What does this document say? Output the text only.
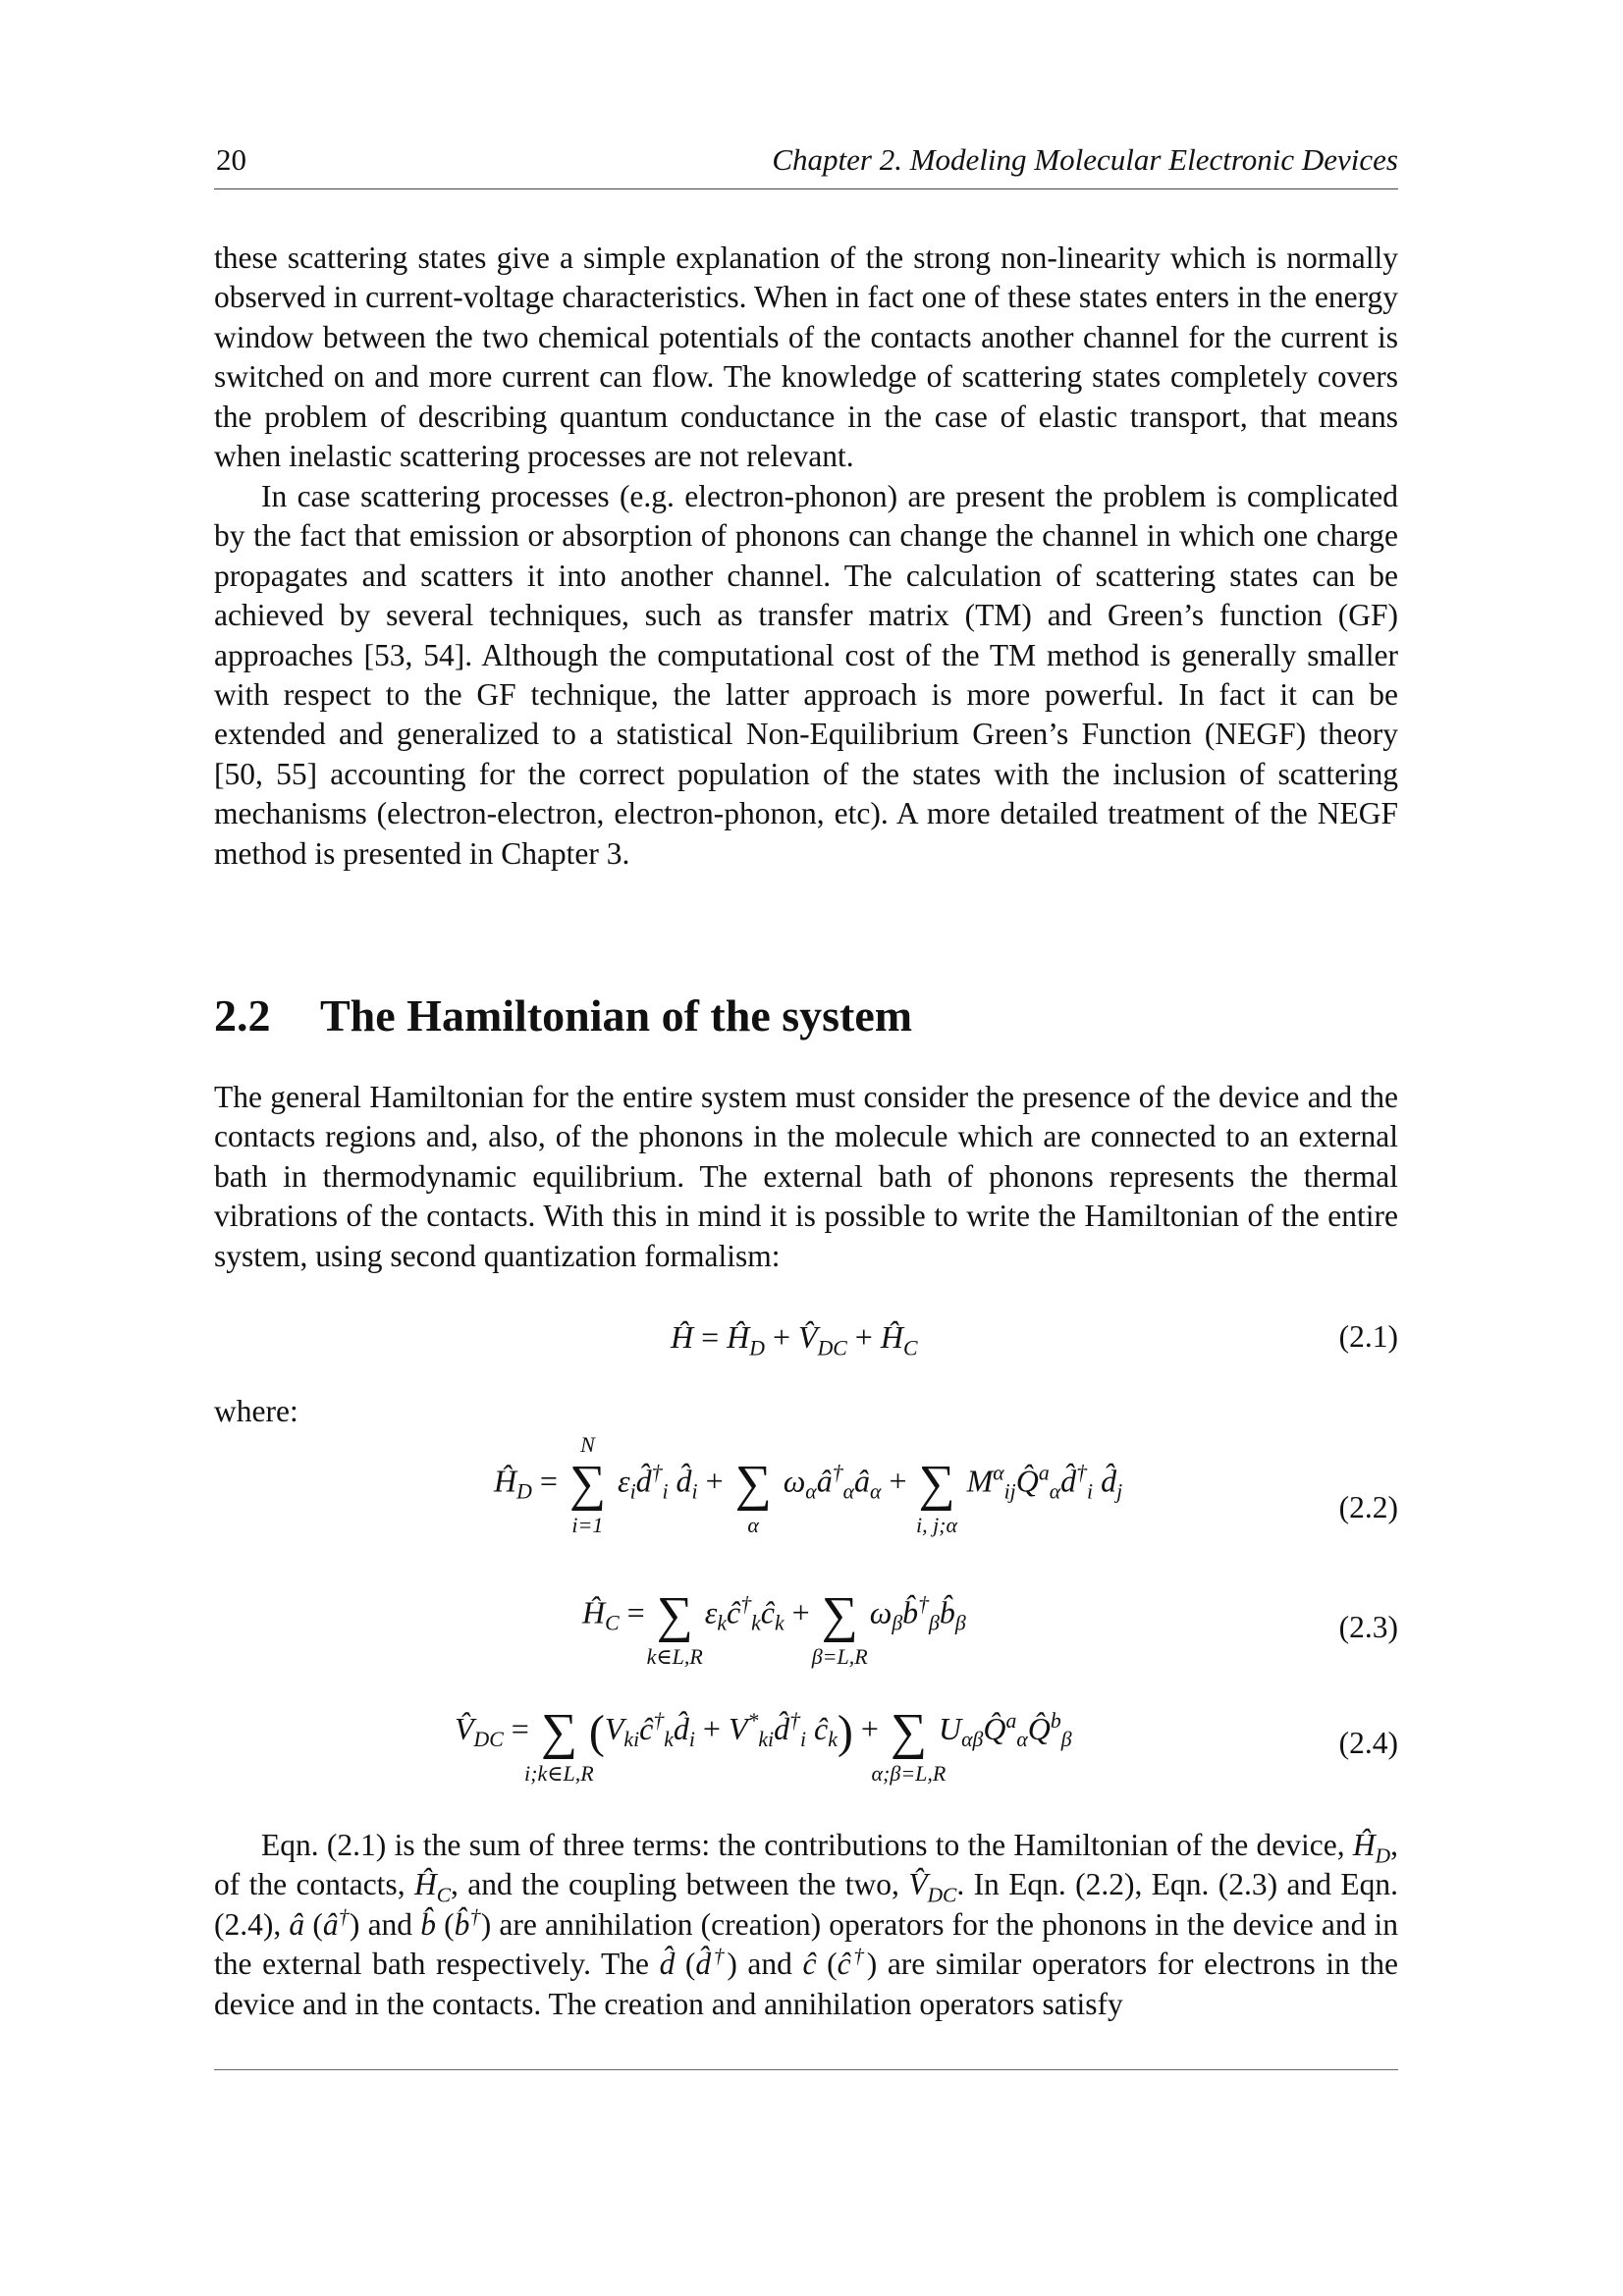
20	Chapter 2. Modeling Molecular Electronic Devices

these scattering states give a simple explanation of the strong non-linearity which is normally observed in current-voltage characteristics. When in fact one of these states enters in the energy window between the two chemical potentials of the contacts another channel for the current is switched on and more current can flow. The knowledge of scattering states completely covers the problem of describing quantum conductance in the case of elastic transport, that means when inelastic scattering processes are not relevant.

In case scattering processes (e.g. electron-phonon) are present the problem is complicated by the fact that emission or absorption of phonons can change the channel in which one charge propagates and scatters it into another channel. The calculation of scattering states can be achieved by several techniques, such as transfer matrix (TM) and Green’s function (GF) approaches [53, 54]. Although the computational cost of the TM method is generally smaller with respect to the GF technique, the latter approach is more powerful. In fact it can be extended and generalized to a statistical Non-Equilibrium Green’s Function (NEGF) theory [50, 55] accounting for the correct population of the states with the inclusion of scattering mechanisms (electron-electron, electron-phonon, etc). A more detailed treatment of the NEGF method is presented in Chapter 3.

2.2 The Hamiltonian of the system

The general Hamiltonian for the entire system must consider the presence of the device and the contacts regions and, also, of the phonons in the molecule which are connected to an external bath in thermodynamic equilibrium. The external bath of phonons represents the thermal vibrations of the contacts. With this in mind it is possible to write the Hamiltonian of the entire system, using second quantization formalism:

Ĥ = $Ĥ_D$ + $V̂_{DC}$ + $Ĥ_C$	(2.1)

where:

$Ĥ_D$ =
N
∑
i=1
$\varepsilon_id̂^\dagger_i$ $d̂_i$ + ∑
α
$\omega_\alpha â^\dagger_\alpha â_\alpha$ + ∑
i, j;α
$M^\alpha_{ij}Q̂^a_\alpha d̂^\dagger_i$ $d̂_j$	(2.2)
$Ĥ_C$ = ∑
k∈L,R
$\varepsilon_kĉ^\dagger_kĉ_k$ + ∑
β=L,R
$\omega_\beta b̂^\dagger_\beta b̂_\beta$	(2.3)
$V̂_{DC}$ = ∑
i;k∈L,R
($V_{ki}ĉ^\dagger_kd̂_i$ + $V^*_{ki}d̂^\dagger_i$ $ĉ_k$) + ∑
α;β=L,R
$U_{\alpha\beta}Q̂^a_\alpha Q̂^b_\beta$	(2.4)

Eqn. (2.1) is the sum of three terms: the contributions to the Hamiltonian of the device, $Ĥ_D$, of the contacts, $Ĥ_C$, and the coupling between the two, $V̂_{DC}$. In Eqn. (2.2), Eqn. (2.3) and Eqn. (2.4), â (â†) and b̂ (b̂†) are annihilation (creation) operators for the phonons in the device and in the external bath respectively. The d̂ (d̂†) and ĉ (ĉ†) are similar operators for electrons in the device and in the contacts. The creation and annihilation operators satisfy
